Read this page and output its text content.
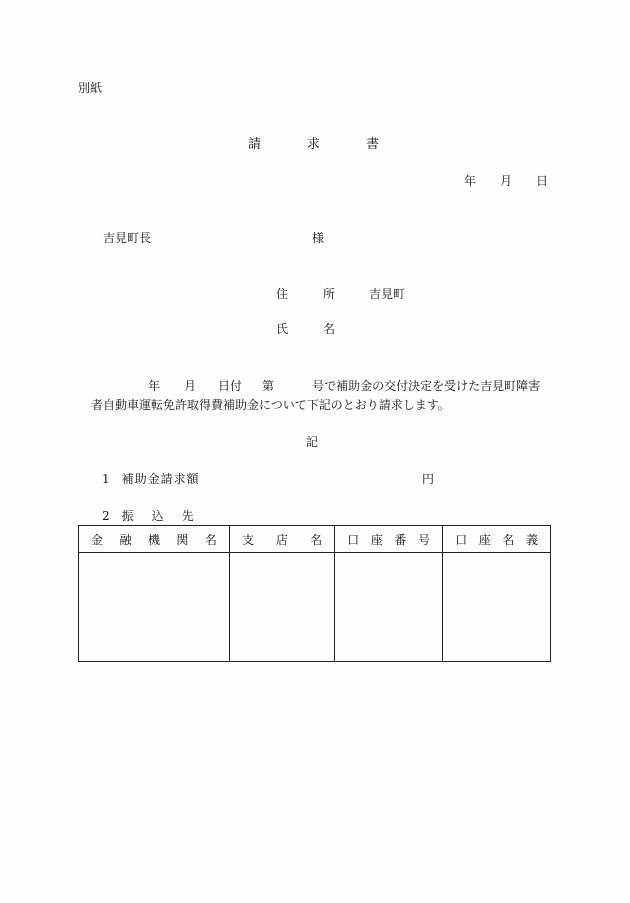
別紙
請	求	書
年 月 日
吉見町長	様
住	所	吉見町
氏	名
年 月 日付 第	号で補助金の交付決定を受けた吉見町障害
者自動車運転免許取得費補助金について下記のとおり請求します。
記
1 補助金請求額	円
2 振 込 先
金 融 機 関 名	支 店 名	口 座 番 号	口 座 名 義
